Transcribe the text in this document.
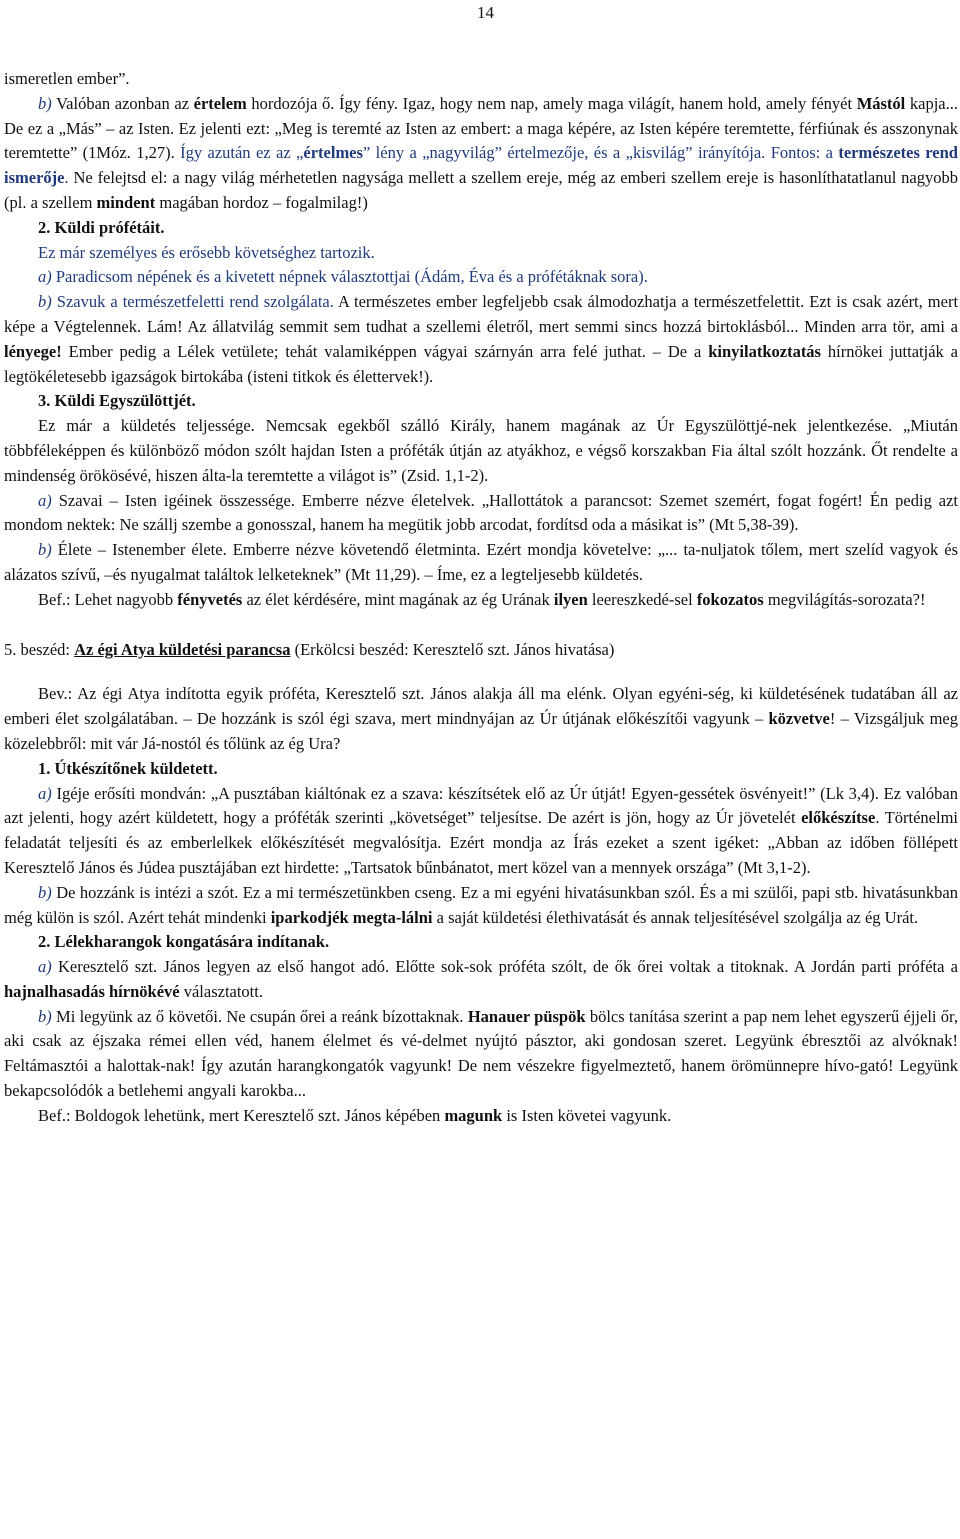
14

ismeretlen ember”.

b) Valóban azonban az értelem hordozója ő. Így fény. Igaz, hogy nem nap, amely maga világít, hanem hold, amely fényét Mástól kapja... De ez a „Más” – az Isten. Ez jelenti ezt: „Meg is teremté az Isten az embert: a maga képére, az Isten képére teremtette, férfiúnak és asszonynak teremtette” (1Móz. 1,27). Így azután ez az „értelmes” lény a „nagyvilág” értelmezője, és a „kisvilág” irányítója. Fontos: a természetes rend ismerője. Ne felejtsd el: a nagy világ mérhetetlen nagysága mellett a szellem ereje, még az emberi szellem ereje is hasonlíthatatlanul nagyobb (pl. a szellem mindent magában hordoz – fogalmilag!)

2. Küldi prófétáit.

Ez már személyes és erősebb követséghez tartozik.

a) Paradicsom népének és a kivetett népnek választottjai (Ádám, Éva és a prófétáknak sora).

b) Szavuk a természetfeletti rend szolgálata. A természetes ember legfeljebb csak álmodozhatja a természetfelettit. Ezt is csak azért, mert képe a Végtelennek. Lám! Az állatvilág semmit sem tudhat a szellemi életről, mert semmi sincs hozzá birtoklásból... Minden arra tör, ami a lényege! Ember pedig a Lélek vetülete; tehát valamiképpen vágyai szárnyán arra felé juthat. – De a kinyilatkoztatás hírnökei juttatják a legtökéletesebb igazságok birtokába (isteni titkok és élettervek!).

3. Küldi Egyszülöttjét.

Ez már a küldetés teljessége. Nemcsak egekből szálló Király, hanem magának az Úr Egyszülöttjé-nek jelentkezése. „Miután többféleképpen és különböző módon szólt hajdan Isten a próféták útján az atyákhoz, e végső korszakban Fia által szólt hozzánk. Őt rendelte a mindenség örökösévé, hiszen álta-la teremtette a világot is” (Zsid. 1,1-2).

a) Szavai – Isten igéinek összessége. Emberre nézve életelvek. „Hallottátok a parancsot: Szemet szemért, fogat fogért! Én pedig azt mondom nektek: Ne szállj szembe a gonosszal, hanem ha megütik jobb arcodat, fordítsd oda a másikat is” (Mt 5,38-39).

b) Élete – Istenember élete. Emberre nézve követendő életminta. Ezért mondja követelve: „... ta-nuljatok tőlem, mert szelíd vagyok és alázatos szívű, –és nyugalmat találtok lelketeknek” (Mt 11,29). – Íme, ez a legteljesebb küldetés.

Bef.: Lehet nagyobb fényvetés az élet kérdésére, mint magának az ég Urának ilyen leereszkedé-sel fokozatos megvilágítás-sorozata?!

5. beszéd: Az égi Atya küldetési parancsa (Erkölcsi beszéd: Keresztelő szt. János hivatása)

Bev.: Az égi Atya indította egyik próféta, Keresztelő szt. János alakja áll ma elénk. Olyan egyéni-ség, ki küldetésének tudatában áll az emberi élet szolgálatában. – De hozzánk is szól égi szava, mert mindnyájan az Úr útjának előkészítői vagyunk – közvetve! – Vizsgáljuk meg közelebbről: mit vár Já-nostól és tőlünk az ég Ura?

1. Útkészítőnek küldetett.

a) Igéje erősíti mondván: „A pusztában kiáltónak ez a szava: készítsétek elő az Úr útját! Egyen-gessétek ösvényeit!” (Lk 3,4). Ez valóban azt jelenti, hogy azért küldetett, hogy a próféták szerinti „követséget” teljesítse. De azért is jön, hogy az Úr jövetelét előkészítse. Történelmi feladatát teljesíti és az emberlelkek előkészítését megvalósítja. Ezért mondja az Írás ezeket a szent igéket: „Abban az időben föllépett Keresztelő János és Júdea pusztájában ezt hirdette: „Tartsatok bűnbánatot, mert közel van a mennyek országa” (Mt 3,1-2).

b) De hozzánk is intézi a szót. Ez a mi természetünkben cseng. Ez a mi egyéni hivatásunkban szól. És a mi szülői, papi stb. hivatásunkban még külön is szól. Azért tehát mindenki iparkodjék megta-lálni a saját küldetési élethivatását és annak teljesítésével szolgálja az ég Urát.

2. Lélekharangok kongatására indítanak.

a) Keresztelő szt. János legyen az első hangot adó. Előtte sok-sok próféta szólt, de ők őrei voltak a titoknak. A Jordán parti próféta a hajnalhasadás hírnökévé választatott.

b) Mi legyünk az ő követői. Ne csupán őrei a reánk bízottaknak. Hanauer püspök bölcs tanítása szerint a pap nem lehet egyszerű éjjeli őr, aki csak az éjszaka rémei ellen véd, hanem élelmet és vé-delmet nyújtó pásztor, aki gondosan szeret. Legyünk ébresztői az alvóknak! Feltámasztói a halottak-nak! Így azután harangkongatók vagyunk! De nem vészekre figyelmeztető, hanem örömünnepre hívo-gató! Legyünk bekapcsolódók a betlehemi angyali karokba...

Bef.: Boldogok lehetünk, mert Keresztelő szt. János képében magunk is Isten követei vagyunk.
